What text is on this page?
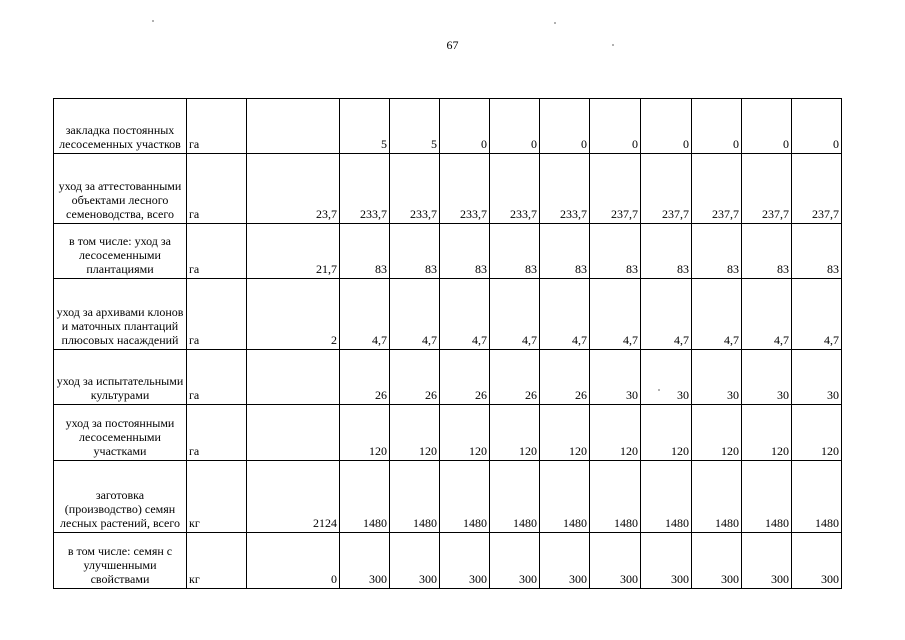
67
закладка постоянных лесосеменных участков	га		5	5	0	0	0	0	0	0	0	0
уход за аттестованными объектами лесного семеноводства, всего	га	23,7	233,7	233,7	233,7	233,7	233,7	237,7	237,7	237,7	237,7	237,7
в том числе: уход за лесосеменными плантациями	га	21,7	83	83	83	83	83	83	83	83	83	83
уход за архивами клонов и маточных плантаций плюсовых насаждений	га	2	4,7	4,7	4,7	4,7	4,7	4,7	4,7	4,7	4,7	4,7
уход за испытательными культурами	га		26	26	26	26	26	30	30	30	30	30
уход за постоянными лесосеменными участками	га		120	120	120	120	120	120	120	120	120	120
заготовка (производство) семян лесных растений, всего	кг	2124	1480	1480	1480	1480	1480	1480	1480	1480	1480	1480
в том числе: семян с улучшенными свойствами	кг	0	300	300	300	300	300	300	300	300	300	300
